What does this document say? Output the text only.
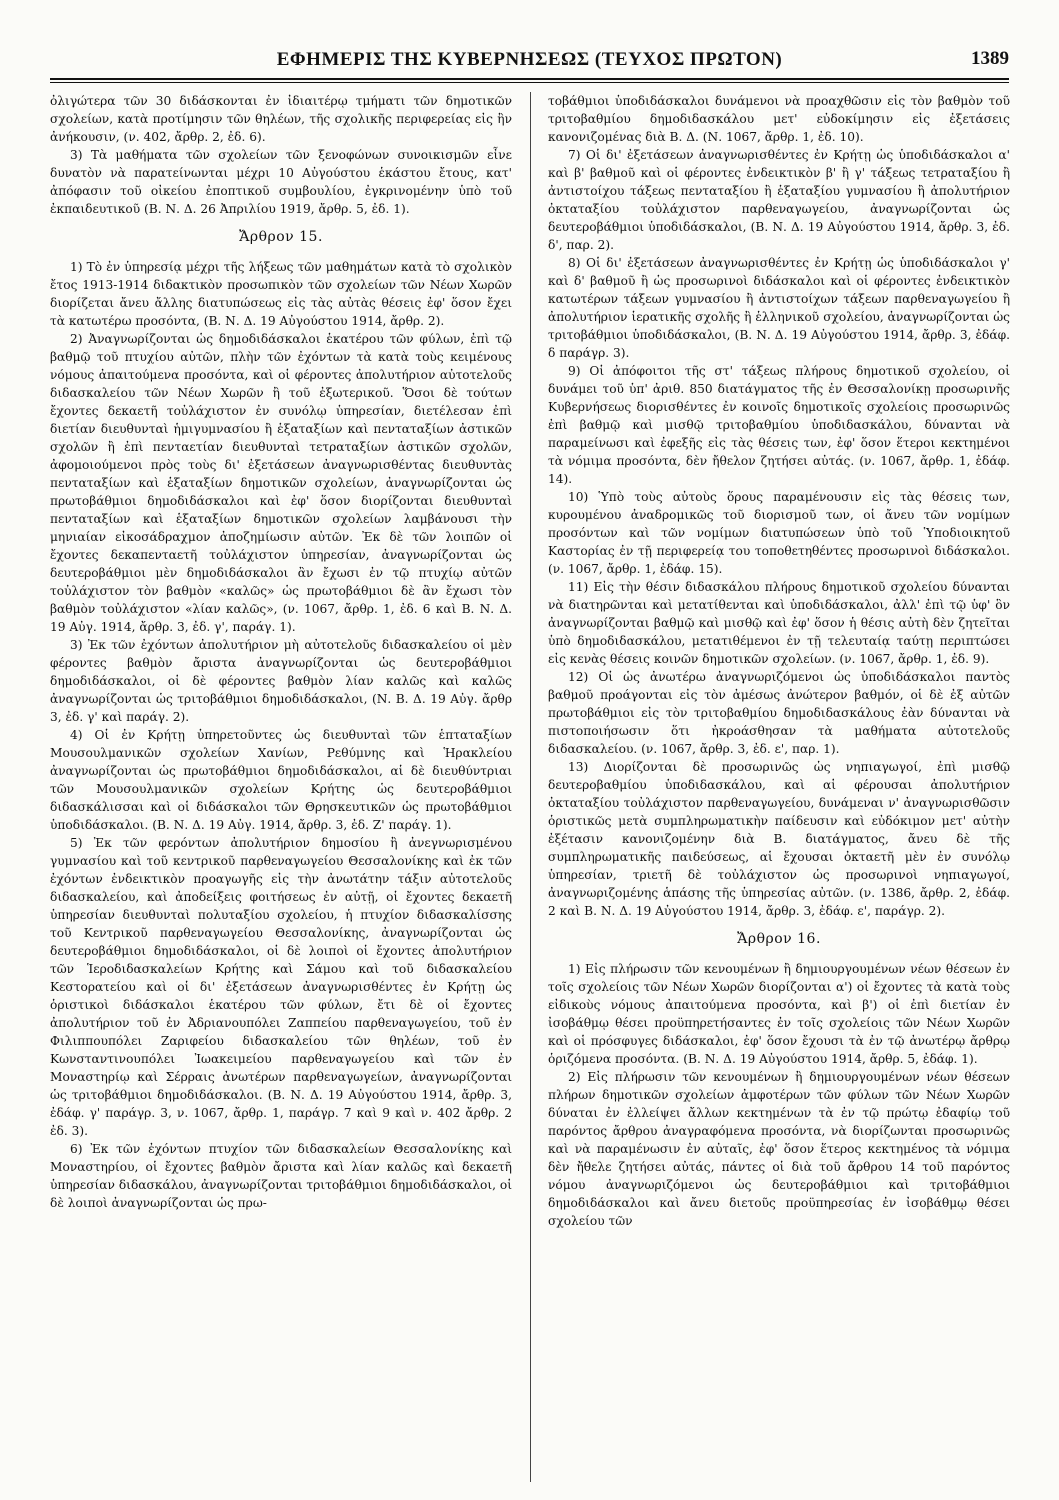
ΕΦΗΜΕΡΙΣ ΤΗΣ ΚΥΒΕΡΝΗΣΕΩΣ (ΤΕΥΧΟΣ ΠΡΩΤΟΝ)	1389

ὀλιγώτερα τῶν 30 διδάσκονται ἐν ἰδιαιτέρῳ τμήματι τῶν δημοτικῶν σχολείων, κατὰ προτίμησιν τῶν θηλέων, τῆς σχολικῆς περιφερείας εἰς ἣν ἀνήκουσιν, (ν. 402, ἄρθρ. 2, ἐδ. 6).

3) Τὰ μαθήματα τῶν σχολείων τῶν ξενοφώνων συνοικισμῶν εἶνε δυνατὸν νὰ παρατείνωνται μέχρι 10 Αὐγούστου ἑκάστου ἔτους, κατ' ἀπόφασιν τοῦ οἰκείου ἐποπτικοῦ συμβουλίου, ἐγκρινομένην ὑπὸ τοῦ ἐκπαιδευτικοῦ (Β. Ν. Δ. 26 Ἀπριλίου 1919, ἄρθρ. 5, ἐδ. 1).

Ἄρθρον 15.

1) Τὸ ἐν ὑπηρεσίᾳ μέχρι τῆς λήξεως τῶν μαθημάτων κατὰ τὸ σχολικὸν ἔτος 1913-1914 διδακτικὸν προσωπικὸν τῶν σχολείων τῶν Νέων Χωρῶν διορίζεται ἄνευ ἄλλης διατυπώσεως εἰς τὰς αὐτὰς θέσεις ἐφ' ὅσον ἔχει τὰ κατωτέρω προσόντα, (Β. Ν. Δ. 19 Αὐγούστου 1914, ἄρθρ. 2).

2) Ἀναγνωρίζονται ὡς δημοδιδάσκαλοι ἑκατέρου τῶν φύλων, ἐπὶ τῷ βαθμῷ τοῦ πτυχίου αὐτῶν, πλὴν τῶν ἐχόντων τὰ κατὰ τοὺς κειμένους νόμους ἀπαιτούμενα προσόντα, καὶ οἱ φέροντες ἀπολυτήριον αὐτοτελοῦς διδασκαλείου τῶν Νέων Χωρῶν ἢ τοῦ ἐξωτερικοῦ. Ὅσοι δὲ τούτων ἔχοντες δεκαετῆ τοὐλάχιστον ἐν συνόλῳ ὑπηρεσίαν, διετέλεσαν ἐπὶ διετίαν διευθυνταὶ ἡμιγυμνασίου ἢ ἑξαταξίων καὶ πενταταξίων ἀστικῶν σχολῶν ἢ ἐπὶ πενταετίαν διευθυνταὶ τετραταξίων ἀστικῶν σχολῶν, ἀφομοιούμενοι πρὸς τοὺς δι' ἐξετάσεων ἀναγνωρισθέντας διευθυντὰς πενταταξίων καὶ ἑξαταξίων δημοτικῶν σχολείων, ἀναγνωρίζονται ὡς πρωτοβάθμιοι δημοδιδάσκαλοι καὶ ἐφ' ὅσον διορίζονται διευθυνταὶ πενταταξίων καὶ ἑξαταξίων δημοτικῶν σχολείων λαμβάνουσι τὴν μηνιαίαν εἰκοσάδραχμον ἀποζημίωσιν αὐτῶν. Ἐκ δὲ τῶν λοιπῶν οἱ ἔχοντες δεκαπενταετῆ τοὐλάχιστον ὑπηρεσίαν, ἀναγνωρίζονται ὡς δευτεροβάθμιοι μὲν δημοδιδάσκαλοι ἂν ἔχωσι ἐν τῷ πτυχίῳ αὐτῶν τοὐλάχιστον τὸν βαθμὸν «καλῶς» ὡς πρωτοβάθμιοι δὲ ἂν ἔχωσι τὸν βαθμὸν τοὐλάχιστον «λίαν καλῶς», (ν. 1067, ἄρθρ. 1, ἐδ. 6 καὶ Β. Ν. Δ. 19 Αὐγ. 1914, ἄρθρ. 3, ἐδ. γ', παράγ. 1).

3) Ἐκ τῶν ἐχόντων ἀπολυτήριον μὴ αὐτοτελοῦς διδασκαλείου οἱ μὲν φέροντες βαθμὸν ἄριστα ἀναγνωρίζονται ὡς δευτεροβάθμιοι δημοδιδάσκαλοι, οἱ δὲ φέροντες βαθμὸν λίαν καλῶς καὶ καλῶς ἀναγνωρίζονται ὡς τριτοβάθμιοι δημοδιδάσκαλοι, (Ν. Β. Δ. 19 Αὐγ. ἄρθρ 3, ἐδ. γ' καὶ παράγ. 2).

4) Οἱ ἐν Κρήτῃ ὑπηρετοῦντες ὡς διευθυνταὶ τῶν ἑπταταξίων Μουσουλμανικῶν σχολείων Χανίων, Ρεθύμνης καὶ Ἡρακλείου ἀναγνωρίζονται ὡς πρωτοβάθμιοι δημοδιδάσκαλοι, αἱ δὲ διευθύντριαι τῶν Μουσουλμανικῶν σχολείων Κρήτης ὡς δευτεροβάθμιοι διδασκάλισσαι καὶ οἱ διδάσκαλοι τῶν Θρησκευτικῶν ὡς πρωτοβάθμιοι ὑποδιδάσκαλοι. (Β. Ν. Δ. 19 Αὐγ. 1914, ἄρθρ. 3, ἐδ. Ζ' παράγ. 1).

5) Ἐκ τῶν φερόντων ἀπολυτήριον δημοσίου ἢ ἀνεγνωρισμένου γυμνασίου καὶ τοῦ κεντρικοῦ παρθεναγωγείου Θεσσαλονίκης καὶ ἐκ τῶν ἐχόντων ἐνδεικτικὸν προαγωγῆς εἰς τὴν ἀνωτάτην τάξιν αὐτοτελοῦς διδασκαλείου, καὶ ἀποδείξεις φοιτήσεως ἐν αὐτῇ, οἱ ἔχοντες δεκαετῆ ὑπηρεσίαν διευθυνταὶ πολυταξίου σχολείου, ἡ πτυχίον διδασκαλίσσης τοῦ Κεντρικοῦ παρθεναγωγείου Θεσσαλονίκης, ἀναγνωρίζονται ὡς δευτεροβάθμιοι δημοδιδάσκαλοι, οἱ δὲ λοιποὶ οἱ ἔχοντες ἀπολυτήριον τῶν Ἱεροδιδασκαλείων Κρήτης καὶ Σάμου καὶ τοῦ διδασκαλείου Κεστορατείου καὶ οἱ δι' ἐξετάσεων ἀναγνωρισθέντες ἐν Κρήτῃ ὡς ὁριστικοὶ διδάσκαλοι ἑκατέρου τῶν φύλων, ἔτι δὲ οἱ ἔχοντες ἀπολυτήριον τοῦ ἐν Ἀδριανουπόλει Ζαππείου παρθεναγωγείου, τοῦ ἐν Φιλιππουπόλει Ζαριφείου διδασκαλείου τῶν θηλέων, τοῦ ἐν Κωνσταντινουπόλει Ἰωακειμείου παρθεναγωγείου καὶ τῶν ἐν Μοναστηρίῳ καὶ Σέρραις ἀνωτέρων παρθεναγωγείων, ἀναγνωρίζονται ὡς τριτοβάθμιοι δημοδιδάσκαλοι. (Β. Ν. Δ. 19 Αὐγούστου 1914, ἄρθρ. 3, ἐδάφ. γ' παράγρ. 3, ν. 1067, ἄρθρ. 1, παράγρ. 7 καὶ 9 καὶ ν. 402 ἄρθρ. 2 ἐδ. 3).

6) Ἐκ τῶν ἐχόντων πτυχίον τῶν διδασκαλείων Θεσσαλονίκης καὶ Μοναστηρίου, οἱ ἔχοντες βαθμὸν ἄριστα καὶ λίαν καλῶς καὶ δεκαετῆ ὑπηρεσίαν διδασκάλου, ἀναγνωρίζονται τριτοβάθμιοι δημοδιδάσκαλοι, οἱ δὲ λοιποὶ ἀναγνωρίζονται ὡς πρω-

τοβάθμιοι ὑποδιδάσκαλοι δυνάμενοι νὰ προαχθῶσιν εἰς τὸν βαθμὸν τοῦ τριτοβαθμίου δημοδιδασκάλου μετ' εὐδοκίμησιν εἰς ἐξετάσεις κανονιζομένας διὰ Β. Δ. (Ν. 1067, ἄρθρ. 1, ἐδ. 10).

7) Οἱ δι' ἐξετάσεων ἀναγνωρισθέντες ἐν Κρήτῃ ὡς ὑποδιδάσκαλοι α' καὶ β' βαθμοῦ καὶ οἱ φέροντες ἐνδεικτικὸν β' ἢ γ' τάξεως τετραταξίου ἢ ἀντιστοίχου τάξεως πενταταξίου ἢ ἑξαταξίου γυμνασίου ἢ ἀπολυτήριον ὀκταταξίου τοὐλάχιστον παρθεναγωγείου, ἀναγνωρίζονται ὡς δευτεροβάθμιοι ὑποδιδάσκαλοι, (Β. Ν. Δ. 19 Αὐγούστου 1914, ἄρθρ. 3, ἐδ. δ', παρ. 2).

8) Οἱ δι' ἐξετάσεων ἀναγνωρισθέντες ἐν Κρήτῃ ὡς ὑποδιδάσκαλοι γ' καὶ δ' βαθμοῦ ἢ ὡς προσωρινοὶ διδάσκαλοι καὶ οἱ φέροντες ἐνδεικτικὸν κατωτέρων τάξεων γυμνασίου ἢ ἀντιστοίχων τάξεων παρθεναγωγείου ἢ ἀπολυτήριον ἱερατικῆς σχολῆς ἢ ἑλληνικοῦ σχολείου, ἀναγνωρίζονται ὡς τριτοβάθμιοι ὑποδιδάσκαλοι, (Β. Ν. Δ. 19 Αὐγούστου 1914, ἄρθρ. 3, ἐδάφ. δ παράγρ. 3).

9) Οἱ ἀπόφοιτοι τῆς στ' τάξεως πλήρους δημοτικοῦ σχολείου, οἱ δυνάμει τοῦ ὑπ' ἀριθ. 850 διατάγματος τῆς ἐν Θεσσαλονίκῃ προσωρινῆς Κυβερνήσεως διορισθέντες ἐν κοινοῖς δημοτικοῖς σχολείοις προσωρινῶς ἐπὶ βαθμῷ καὶ μισθῷ τριτοβαθμίου ὑποδιδασκάλου, δύνανται νὰ παραμείνωσι καὶ ἐφεξῆς εἰς τὰς θέσεις των, ἐφ' ὅσον ἕτεροι κεκτημένοι τὰ νόμιμα προσόντα, δὲν ἤθελον ζητήσει αὐτάς. (ν. 1067, ἄρθρ. 1, ἐδάφ. 14).

10) Ὑπὸ τοὺς αὐτοὺς ὅρους παραμένουσιν εἰς τὰς θέσεις των, κυρουμένου ἀναδρομικῶς τοῦ διορισμοῦ των, οἱ ἄνευ τῶν νομίμων προσόντων καὶ τῶν νομίμων διατυπώσεων ὑπὸ τοῦ Ὑποδιοικητοῦ Καστορίας ἐν τῇ περιφερείᾳ του τοποθετηθέντες προσωρινοὶ διδάσκαλοι. (ν. 1067, ἄρθρ. 1, ἐδάφ. 15).

11) Εἰς τὴν θέσιν διδασκάλου πλήρους δημοτικοῦ σχολείου δύνανται νὰ διατηρῶνται καὶ μετατίθενται καὶ ὑποδιδάσκαλοι, ἀλλ' ἐπὶ τῷ ὑφ' ὃν ἀναγνωρίζονται βαθμῷ καὶ μισθῷ καὶ ἐφ' ὅσον ἡ θέσις αὐτὴ δὲν ζητεῖται ὑπὸ δημοδιδασκάλου, μετατιθέμενοι ἐν τῇ τελευταίᾳ ταύτῃ περιπτώσει εἰς κενὰς θέσεις κοινῶν δημοτικῶν σχολείων. (ν. 1067, ἄρθρ. 1, ἐδ. 9).

12) Οἱ ὡς ἀνωτέρω ἀναγνωριζόμενοι ὡς ὑποδιδάσκαλοι παντὸς βαθμοῦ προάγονται εἰς τὸν ἀμέσως ἀνώτερον βαθμόν, οἱ δὲ ἐξ αὐτῶν πρωτοβάθμιοι εἰς τὸν τριτοβαθμίου δημοδιδασκάλους ἐὰν δύνανται νὰ πιστοποιήσωσιν ὅτι ἠκροάσθησαν τὰ μαθήματα αὐτοτελοῦς διδασκαλείου. (ν. 1067, ἄρθρ. 3, ἐδ. ε', παρ. 1).

13) Διορίζονται δὲ προσωρινῶς ὡς νηπιαγωγοί, ἐπὶ μισθῷ δευτεροβαθμίου ὑποδιδασκάλου, καὶ αἱ φέρουσαι ἀπολυτήριον ὀκταταξίου τοὐλάχιστον παρθεναγωγείου, δυνάμεναι ν' ἀναγνωρισθῶσιν ὁριστικῶς μετὰ συμπληρωματικὴν παίδευσιν καὶ εὐδόκιμον μετ' αὐτὴν ἐξέτασιν κανονιζομένην διὰ Β. διατάγματος, ἄνευ δὲ τῆς συμπληρωματικῆς παιδεύσεως, αἱ ἔχουσαι ὀκταετῆ μὲν ἐν συνόλῳ ὑπηρεσίαν, τριετῆ δὲ τοὐλάχιστον ὡς προσωρινοὶ νηπιαγωγοί, ἀναγνωριζομένης ἁπάσης τῆς ὑπηρεσίας αὐτῶν. (ν. 1386, ἄρθρ. 2, ἐδάφ. 2 καὶ Β. Ν. Δ. 19 Αὐγούστου 1914, ἄρθρ. 3, ἐδάφ. ε', παράγρ. 2).

Ἄρθρον 16.

1) Εἰς πλήρωσιν τῶν κενουμένων ἢ δημιουργουμένων νέων θέσεων ἐν τοῖς σχολείοις τῶν Νέων Χωρῶν διορίζονται α') οἱ ἔχοντες τὰ κατὰ τοὺς εἰδικοὺς νόμους ἀπαιτούμενα προσόντα, καὶ β') οἱ ἐπὶ διετίαν ἐν ἰσοβάθμῳ θέσει προϋπηρετήσαντες ἐν τοῖς σχολείοις τῶν Νέων Χωρῶν καὶ οἱ πρόσφυγες διδάσκαλοι, ἐφ' ὅσον ἔχουσι τὰ ἐν τῷ ἀνωτέρῳ ἄρθρῳ ὁριζόμενα προσόντα. (Β. Ν. Δ. 19 Αὐγούστου 1914, ἄρθρ. 5, ἐδάφ. 1).

2) Εἰς πλήρωσιν τῶν κενουμένων ἢ δημιουργουμένων νέων θέσεων πλήρων δημοτικῶν σχολείων ἀμφοτέρων τῶν φύλων τῶν Νέων Χωρῶν δύναται ἐν ἐλλείψει ἄλλων κεκτημένων τὰ ἐν τῷ πρώτῳ ἐδαφίῳ τοῦ παρόντος ἄρθρου ἀναγραφόμενα προσόντα, νὰ διορίζωνται προσωρινῶς καὶ νὰ παραμένωσιν ἐν αὐταῖς, ἐφ' ὅσον ἕτερος κεκτημένος τὰ νόμιμα δὲν ἤθελε ζητήσει αὐτάς, πάντες οἱ διὰ τοῦ ἄρθρου 14 τοῦ παρόντος νόμου ἀναγνωριζόμενοι ὡς δευτεροβάθμιοι καὶ τριτοβάθμιοι δημοδιδάσκαλοι καὶ ἄνευ διετοῦς προϋπηρεσίας ἐν ἰσοβάθμῳ θέσει σχολείου τῶν
